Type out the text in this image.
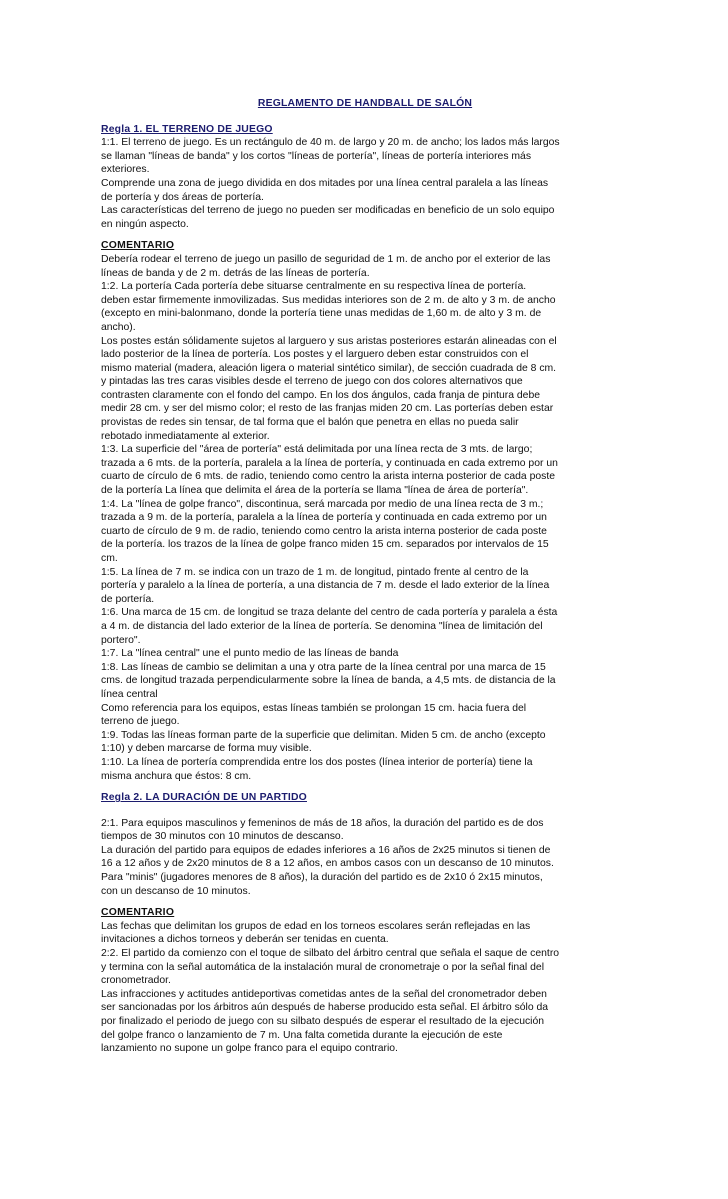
REGLAMENTO DE HANDBALL DE SALÓN

Regla 1. EL TERRENO DE JUEGO

1:1. El terreno de juego. Es un rectángulo de 40 m. de largo y 20 m. de ancho; los lados más largos

se llaman "líneas de banda" y los cortos "líneas de portería", líneas de portería interiores más

exteriores.

Comprende una zona de juego dividida en dos mitades por una línea central paralela a las líneas

de portería y dos áreas de portería.

Las características del terreno de juego no pueden ser modificadas en beneficio de un solo equipo

en ningún aspecto.

COMENTARIO

Debería rodear el terreno de juego un pasillo de seguridad de 1 m. de ancho por el exterior de las

líneas de banda y de 2 m. detrás de las líneas de portería.

1:2. La portería Cada portería debe situarse centralmente en su respectiva línea de portería.

deben estar firmemente inmovilizadas. Sus medidas interiores son de 2 m. de alto y 3 m. de ancho

(excepto en mini-balonmano, donde la portería tiene unas medidas de 1,60 m. de alto y 3 m. de

ancho).

Los postes están sólidamente sujetos al larguero y sus aristas posteriores estarán alineadas con el

lado posterior de la línea de portería. Los postes y el larguero deben estar construidos con el

mismo material (madera, aleación ligera o material sintético similar), de sección cuadrada de 8 cm.

y pintadas las tres caras visibles desde el terreno de juego con dos colores alternativos que

contrasten claramente con el fondo del campo. En los dos ángulos, cada franja de pintura debe

medir 28 cm. y ser del mismo color; el resto de las franjas miden 20 cm. Las porterías deben estar

provistas de redes sin tensar, de tal forma que el balón que penetra en ellas no pueda salir

rebotado inmediatamente al exterior.

1:3. La superficie del "área de portería" está delimitada por una línea recta de 3 mts. de largo;

trazada a 6 mts. de la portería, paralela a la línea de portería, y continuada en cada extremo por un

cuarto de círculo de 6 mts. de radio, teniendo como centro la arista interna posterior de cada poste

de la portería La línea que delimita el área de la portería se llama "línea de área de portería".

1:4. La "línea de golpe franco", discontinua, será marcada por medio de una línea recta de 3 m.;

trazada a 9 m. de la portería, paralela a la línea de portería y continuada en cada extremo por un

cuarto de círculo de 9 m. de radio, teniendo como centro la arista interna posterior de cada poste

de la portería. los trazos de la línea de golpe franco miden 15 cm. separados por intervalos de 15

cm.

1:5. La línea de 7 m. se indica con un trazo de 1 m. de longitud, pintado frente al centro de la

portería y paralelo a la línea de portería, a una distancia de 7 m. desde el lado exterior de la línea

de portería.

1:6. Una marca de 15 cm. de longitud se traza delante del centro de cada portería y paralela a ésta

a 4 m. de distancia del lado exterior de la línea de portería. Se denomina "línea de limitación del

portero".

1:7. La "línea central" une el punto medio de las líneas de banda

1:8. Las líneas de cambio se delimitan a una y otra parte de la línea central por una marca de 15

cms. de longitud trazada perpendicularmente sobre la línea de banda, a 4,5 mts. de distancia de la

línea central

Como referencia para los equipos, estas líneas también se prolongan 15 cm. hacia fuera del

terreno de juego.

1:9. Todas las líneas forman parte de la superficie que delimitan. Miden 5 cm. de ancho (excepto

1:10) y deben marcarse de forma muy visible.

1:10. La línea de portería comprendida entre los dos postes (línea interior de portería) tiene la

misma anchura que éstos: 8 cm.

Regla 2. LA DURACIÓN DE UN PARTIDO

2:1. Para equipos masculinos y femeninos de más de 18 años, la duración del partido es de dos

tiempos de 30 minutos con 10 minutos de descanso.

La duración del partido para equipos de edades inferiores a 16 años de 2x25 minutos si tienen de

16 a 12 años y de 2x20 minutos de 8 a 12 años, en ambos casos con un descanso de 10 minutos.

Para "minis" (jugadores menores de 8 años), la duración del partido es de 2x10 ó 2x15 minutos,

con un descanso de 10 minutos.

COMENTARIO

Las fechas que delimitan los grupos de edad en los torneos escolares serán reflejadas en las

invitaciones a dichos torneos y deberán ser tenidas en cuenta.

2:2. El partido da comienzo con el toque de silbato del árbitro central que señala el saque de centro

y termina con la señal automática de la instalación mural de cronometraje o por la señal final del

cronometrador.

Las infracciones y actitudes antideportivas cometidas antes de la señal del cronometrador deben

ser sancionadas por los árbitros aún después de haberse producido esta señal. El árbitro sólo da

por finalizado el periodo de juego con su silbato después de esperar el resultado de la ejecución

del golpe franco o lanzamiento de 7 m. Una falta cometida durante la ejecución de este

lanzamiento no supone un golpe franco para el equipo contrario.
